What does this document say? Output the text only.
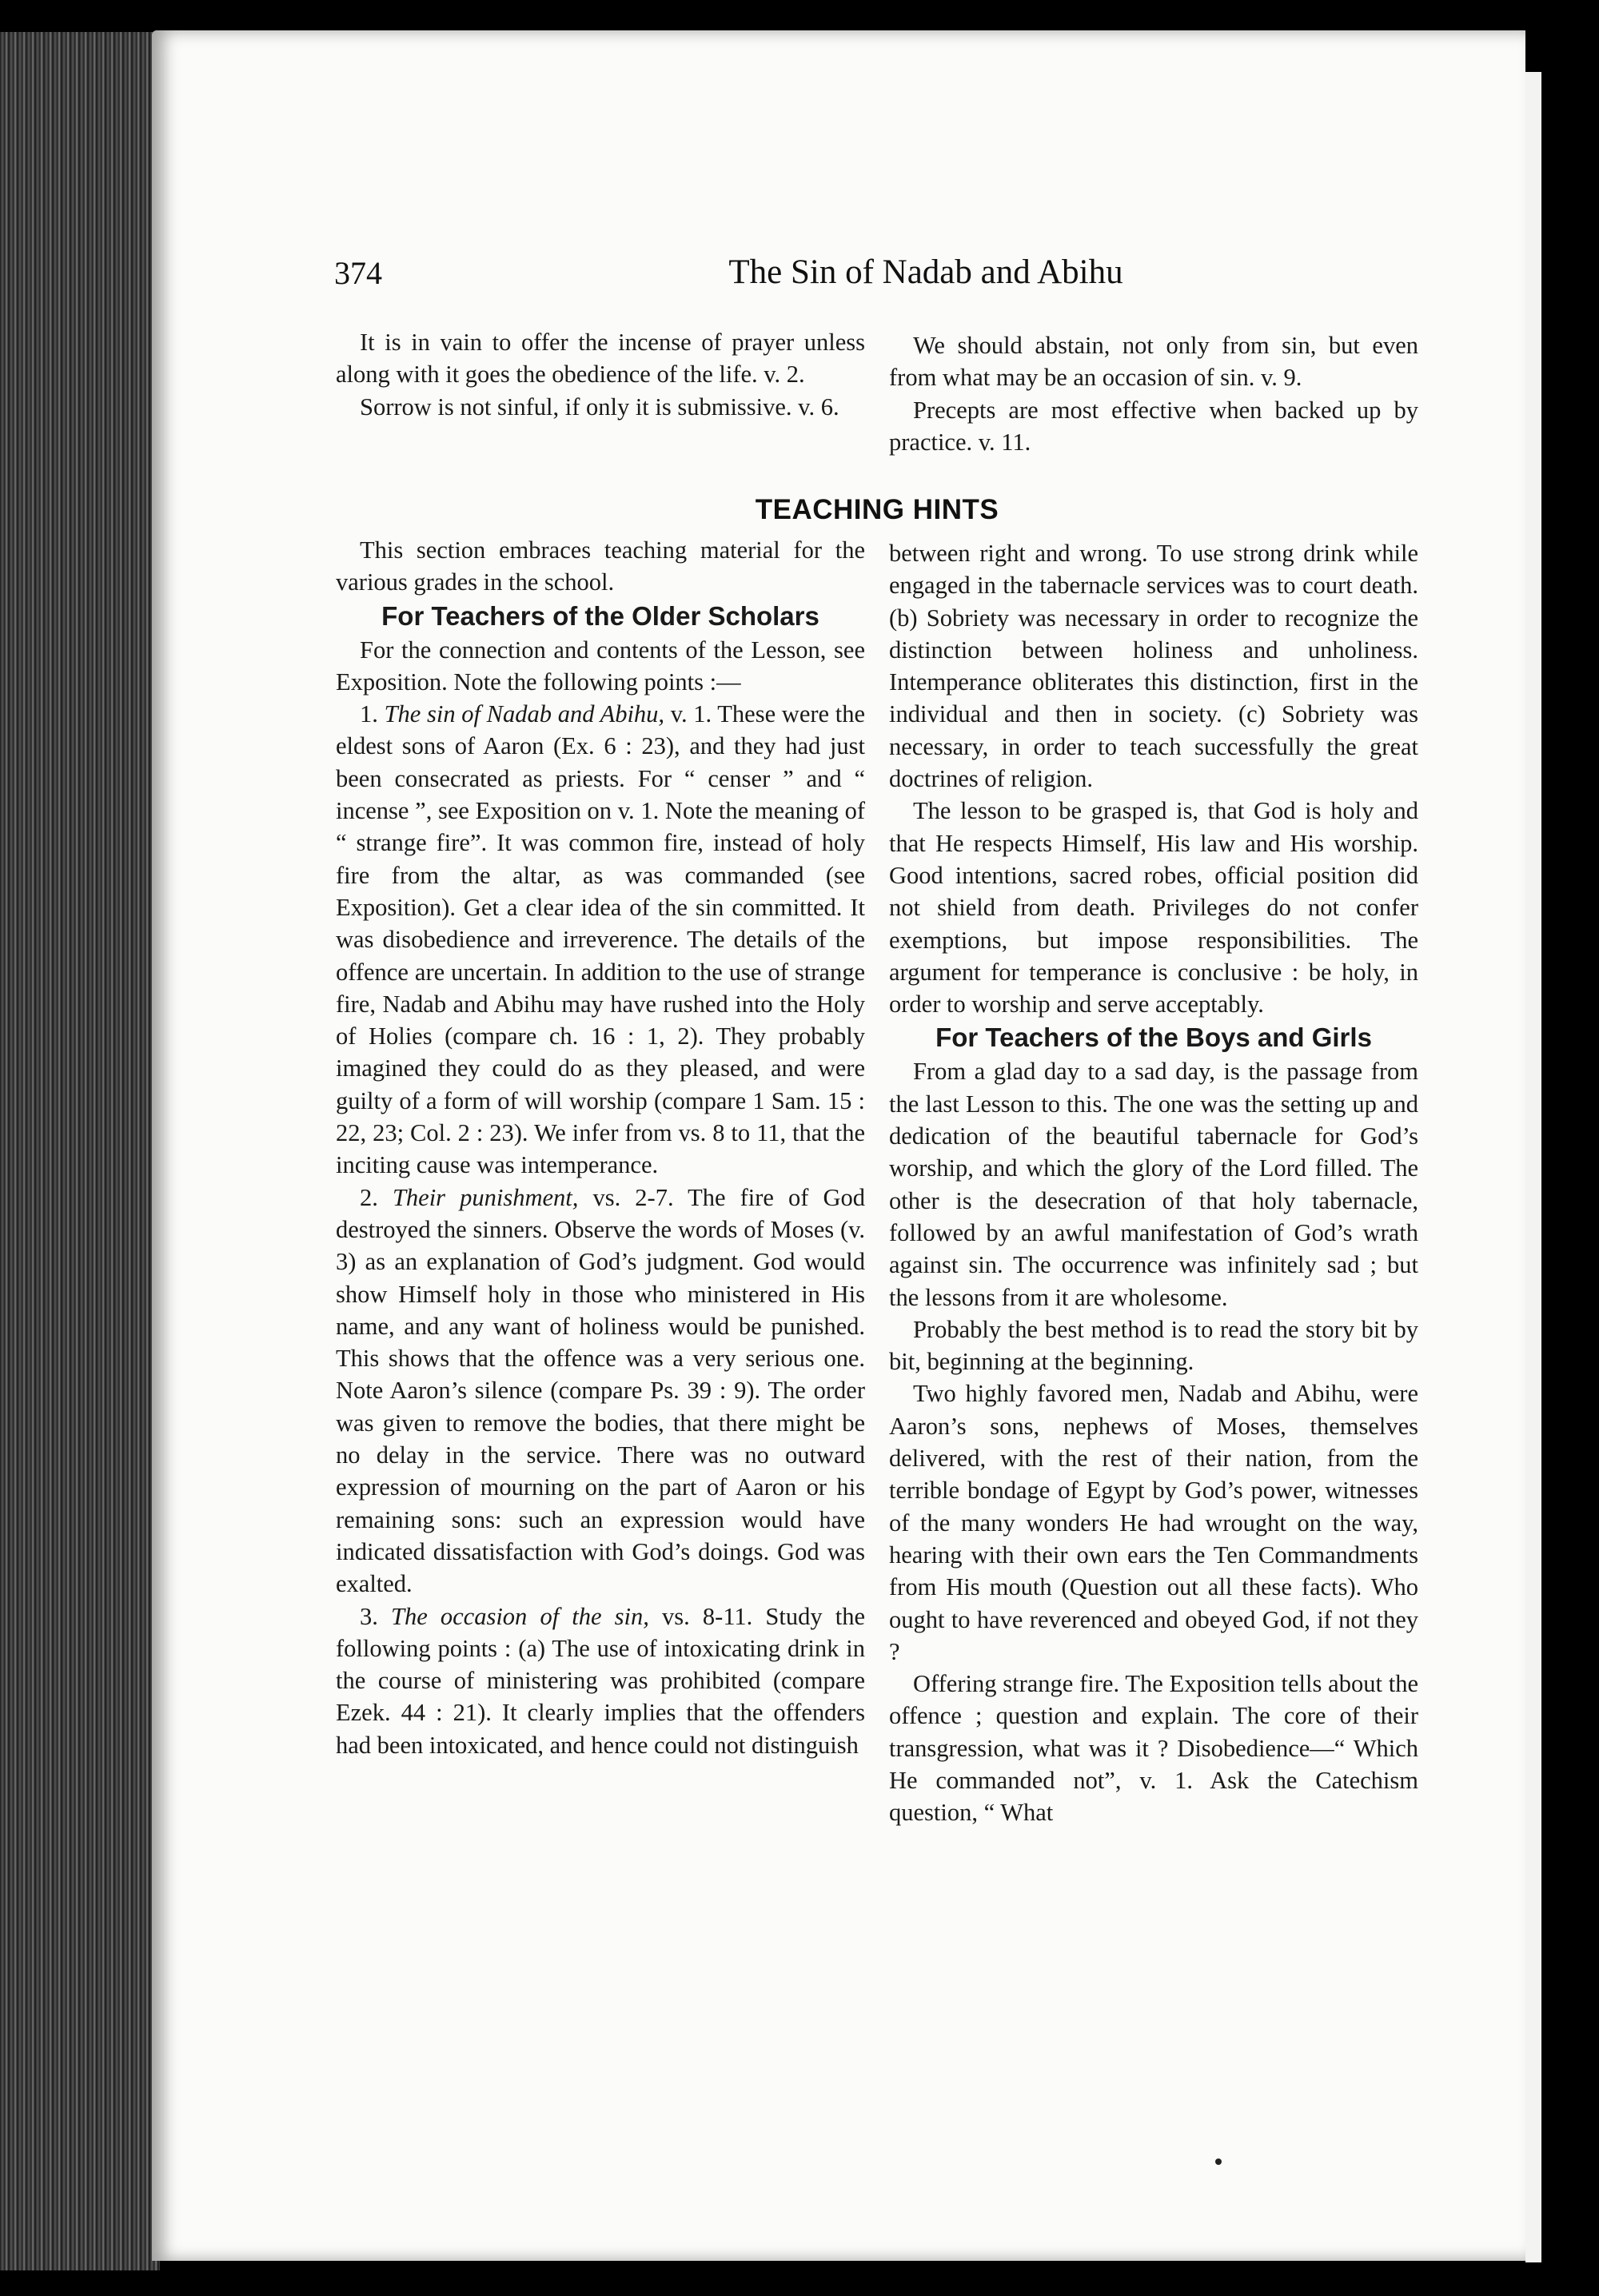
374	The Sin of Nadab and Abihu

It is in vain to offer the incense of prayer unless along with it goes the obedience of the life. v. 2.

Sorrow is not sinful, if only it is submissive. v. 6.

We should abstain, not only from sin, but even from what may be an occasion of sin. v. 9.

Precepts are most effective when backed up by practice. v. 11.

TEACHING HINTS

This section embraces teaching material for the various grades in the school.

For Teachers of the Older Scholars

For the connection and contents of the Lesson, see Exposition. Note the following points :—

1. The sin of Nadab and Abihu, v. 1. These were the eldest sons of Aaron (Ex. 6 : 23), and they had just been consecrated as priests. For “ censer ” and “ incense ”, see Exposition on v. 1. Note the meaning of “ strange fire”. It was common fire, instead of holy fire from the altar, as was commanded (see Exposition). Get a clear idea of the sin committed. It was disobedience and irreverence. The details of the offence are uncertain. In addition to the use of strange fire, Nadab and Abihu may have rushed into the Holy of Holies (compare ch. 16 : 1, 2). They probably imagined they could do as they pleased, and were guilty of a form of will worship (compare 1 Sam. 15 : 22, 23; Col. 2 : 23). We infer from vs. 8 to 11, that the inciting cause was intemperance.

2. Their punishment, vs. 2-7. The fire of God destroyed the sinners. Observe the words of Moses (v. 3) as an explanation of God’s judgment. God would show Himself holy in those who ministered in His name, and any want of holiness would be punished. This shows that the offence was a very serious one. Note Aaron’s silence (compare Ps. 39 : 9). The order was given to remove the bodies, that there might be no delay in the service. There was no outward expression of mourning on the part of Aaron or his remaining sons: such an expression would have indicated dissatisfaction with God’s doings. God was exalted.

3. The occasion of the sin, vs. 8-11. Study the following points : (a) The use of intoxicating drink in the course of ministering was prohibited (compare Ezek. 44 : 21). It clearly implies that the offenders had been intoxicated, and hence could not distinguish

between right and wrong. To use strong drink while engaged in the tabernacle services was to court death. (b) Sobriety was necessary in order to recognize the distinction between holiness and unholiness. Intemperance obliterates this distinction, first in the individual and then in society. (c) Sobriety was necessary, in order to teach successfully the great doctrines of religion.

The lesson to be grasped is, that God is holy and that He respects Himself, His law and His worship. Good intentions, sacred robes, official position did not shield from death. Privileges do not confer exemptions, but impose responsibilities. The argument for temperance is conclusive : be holy, in order to worship and serve acceptably.

For Teachers of the Boys and Girls

From a glad day to a sad day, is the passage from the last Lesson to this. The one was the setting up and dedication of the beautiful tabernacle for God’s worship, and which the glory of the Lord filled. The other is the desecration of that holy tabernacle, followed by an awful manifestation of God’s wrath against sin. The occurrence was infinitely sad ; but the lessons from it are wholesome.

Probably the best method is to read the story bit by bit, beginning at the beginning.

Two highly favored men, Nadab and Abihu, were Aaron’s sons, nephews of Moses, themselves delivered, with the rest of their nation, from the terrible bondage of Egypt by God’s power, witnesses of the many wonders He had wrought on the way, hearing with their own ears the Ten Commandments from His mouth (Question out all these facts). Who ought to have reverenced and obeyed God, if not they ?

Offering strange fire. The Exposition tells about the offence ; question and explain. The core of their transgression, what was it ? Disobedience—“ Which He commanded not”, v. 1. Ask the Catechism question, “ What
